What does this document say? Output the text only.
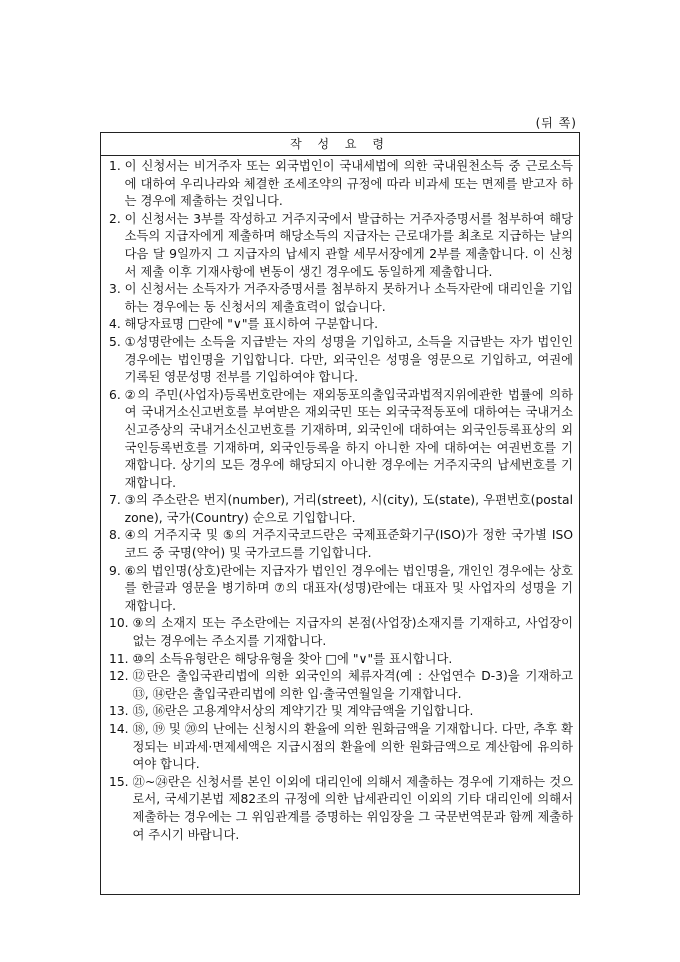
(뒤 쪽)
작 성 요 령
1. 이 신청서는 비거주자 또는 외국법인이 국내세법에 의한 국내원천소득 중 근로소득에 대하여 우리나라와 체결한 조세조약의 규정에 따라 비과세 또는 면제를 받고자 하는 경우에 제출하는 것입니다.
2. 이 신청서는 3부를 작성하고 거주지국에서 발급하는 거주자증명서를 첨부하여 해당소득의 지급자에게 제출하며 해당소득의 지급자는 근로대가를 최초로 지급하는 날의 다음 달 9일까지 그 지급자의 납세지 관할 세무서장에게 2부를 제출합니다. 이 신청서 제출 이후 기재사항에 변동이 생긴 경우에도 동일하게 제출합니다.
3. 이 신청서는 소득자가 거주자증명서를 첨부하지 못하거나 소득자란에 대리인을 기입하는 경우에는 동 신청서의 제출효력이 없습니다.
4. 해당자료명 □란에 "∨"를 표시하여 구분합니다.
5. ①성명란에는 소득을 지급받는 자의 성명을 기입하고, 소득을 지급받는 자가 법인인 경우에는 법인명을 기입합니다. 다만, 외국인은 성명을 영문으로 기입하고, 여권에 기록된 영문성명 전부를 기입하여야 합니다.
6. ②의 주민(사업자)등록번호란에는 재외동포의출입국과법적지위에관한 법률에 의하여 국내거소신고번호를 부여받은 재외국민 또는 외국국적동포에 대하여는 국내거소신고증상의 국내거소신고번호를 기재하며, 외국인에 대하여는 외국인등록표상의 외국인등록번호를 기재하며, 외국인등록을 하지 아니한 자에 대하여는 여권번호를 기재합니다. 상기의 모든 경우에 해당되지 아니한 경우에는 거주지국의 납세번호를 기재합니다.
7. ③의 주소란은 번지(number), 거리(street), 시(city), 도(state), 우편번호(postal zone), 국가(Country) 순으로 기입합니다.
8. ④의 거주지국 및 ⑤의 거주지국코드란은 국제표준화기구(ISO)가 정한 국가별 ISO코드 중 국명(약어) 및 국가코드를 기입합니다.
9. ⑥의 법인명(상호)란에는 지급자가 법인인 경우에는 법인명을, 개인인 경우에는 상호를 한글과 영문을 병기하며 ⑦의 대표자(성명)란에는 대표자 및 사업자의 성명을 기재합니다.
10. ⑨의 소재지 또는 주소란에는 지급자의 본점(사업장)소재지를 기재하고, 사업장이 없는 경우에는 주소지를 기재합니다.
11. ⑩의 소득유형란은 해당유형을 찾아 □에 "∨"를 표시합니다.
12. ⑫란은 출입국관리법에 의한 외국인의 체류자격(예 : 산업연수 D-3)을 기재하고 ⑬, ⑭란은 출입국관리법에 의한 입·출국연월일을 기재합니다.
13. ⑮, ⑯란은 고용계약서상의 계약기간 및 계약금액을 기입합니다.
14. ⑱, ⑲ 및 ⑳의 난에는 신청시의 환율에 의한 원화금액을 기재합니다. 다만, 추후 확정되는 비과세·면제세액은 지급시점의 환율에 의한 원화금액으로 계산함에 유의하여야 합니다.
15. ㉑~㉔란은 신청서를 본인 이외에 대리인에 의해서 제출하는 경우에 기재하는 것으로서, 국세기본법 제82조의 규정에 의한 납세관리인 이외의 기타 대리인에 의해서 제출하는 경우에는 그 위임관계를 증명하는 위임장을 그 국문번역문과 함께 제출하여 주시기 바랍니다.
